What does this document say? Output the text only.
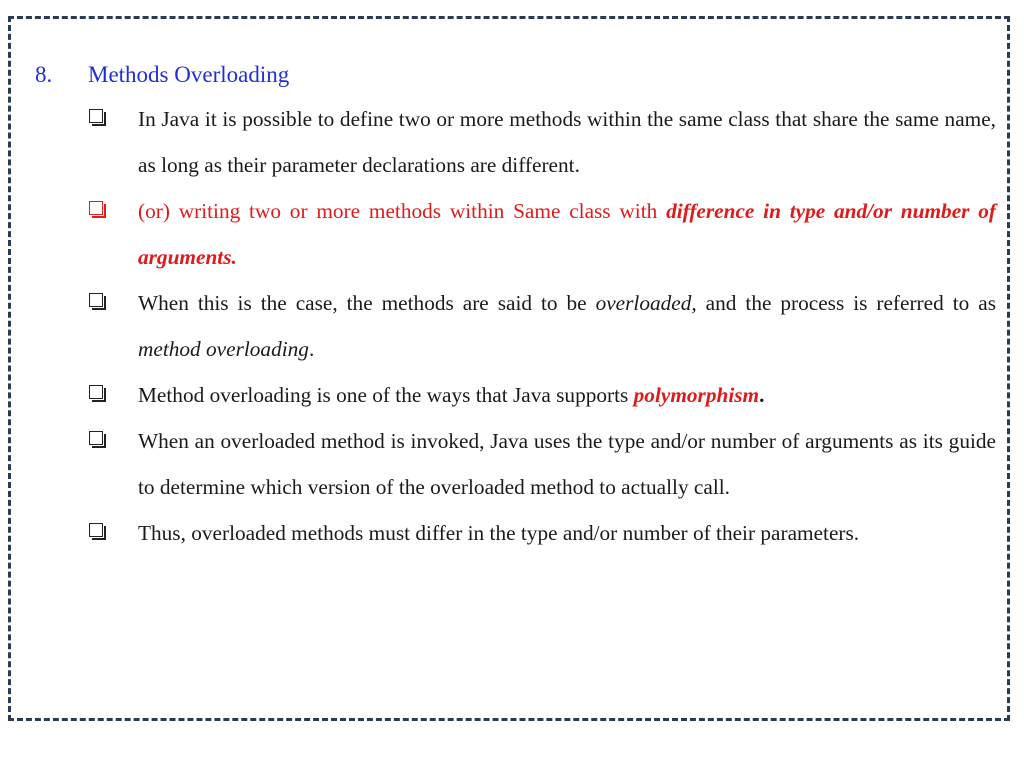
8. Methods Overloading
In Java it is possible to define two or more methods within the same class that share the same name, as long as their parameter declarations are different.
(or) writing two or more methods within Same class with difference in type and/or number of arguments.
When this is the case, the methods are said to be overloaded, and the process is referred to as method overloading.
Method overloading is one of the ways that Java supports polymorphism.
When an overloaded method is invoked, Java uses the type and/or number of arguments as its guide to determine which version of the overloaded method to actually call.
Thus, overloaded methods must differ in the type and/or number of their parameters.
